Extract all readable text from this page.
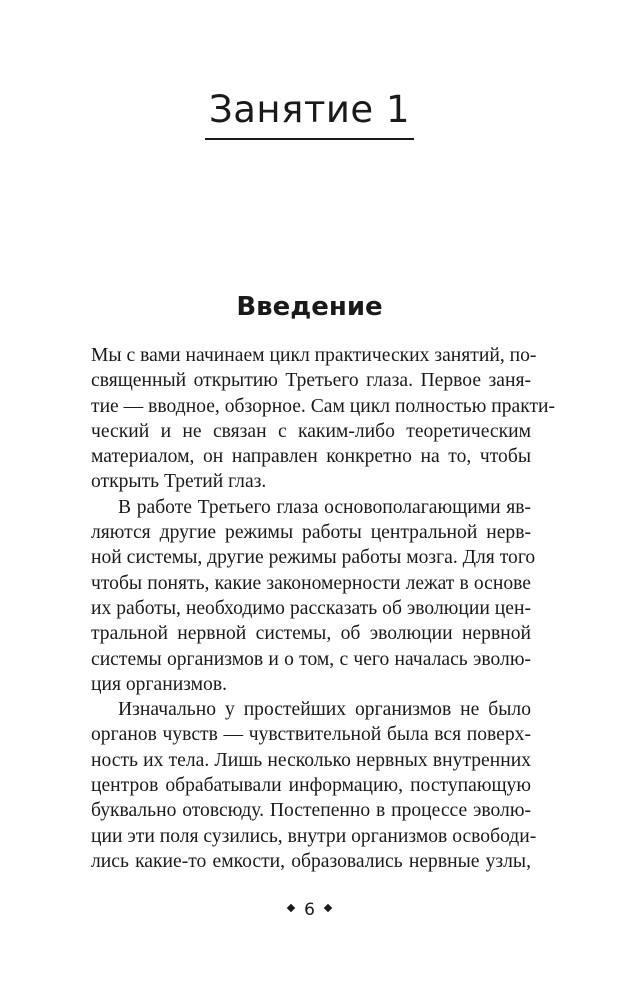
Занятие 1
Введение
Мы с вами начинаем цикл практических занятий, по-
священный открытию Третьего глаза. Первое заня-
тие — вводное, обзорное. Сам цикл полностью практи-
ческий и не связан с каким-либо теоретическим
материалом, он направлен конкретно на то, чтобы
открыть Третий глаз.
В работе Третьего глаза основополагающими яв-
ляются другие режимы работы центральной нерв-
ной системы, другие режимы работы мозга. Для того
чтобы понять, какие закономерности лежат в основе
их работы, необходимо рассказать об эволюции цен-
тральной нервной системы, об эволюции нервной
системы организмов и о том, с чего началась эволю-
ция организмов.
Изначально у простейших организмов не было
органов чувств — чувствительной была вся поверх-
ность их тела. Лишь несколько нервных внутренних
центров обрабатывали информацию, поступающую
буквально отовсюду. Постепенно в процессе эволю-
ции эти поля сузились, внутри организмов освободи-
лись какие-то емкости, образовались нервные узлы,
6
